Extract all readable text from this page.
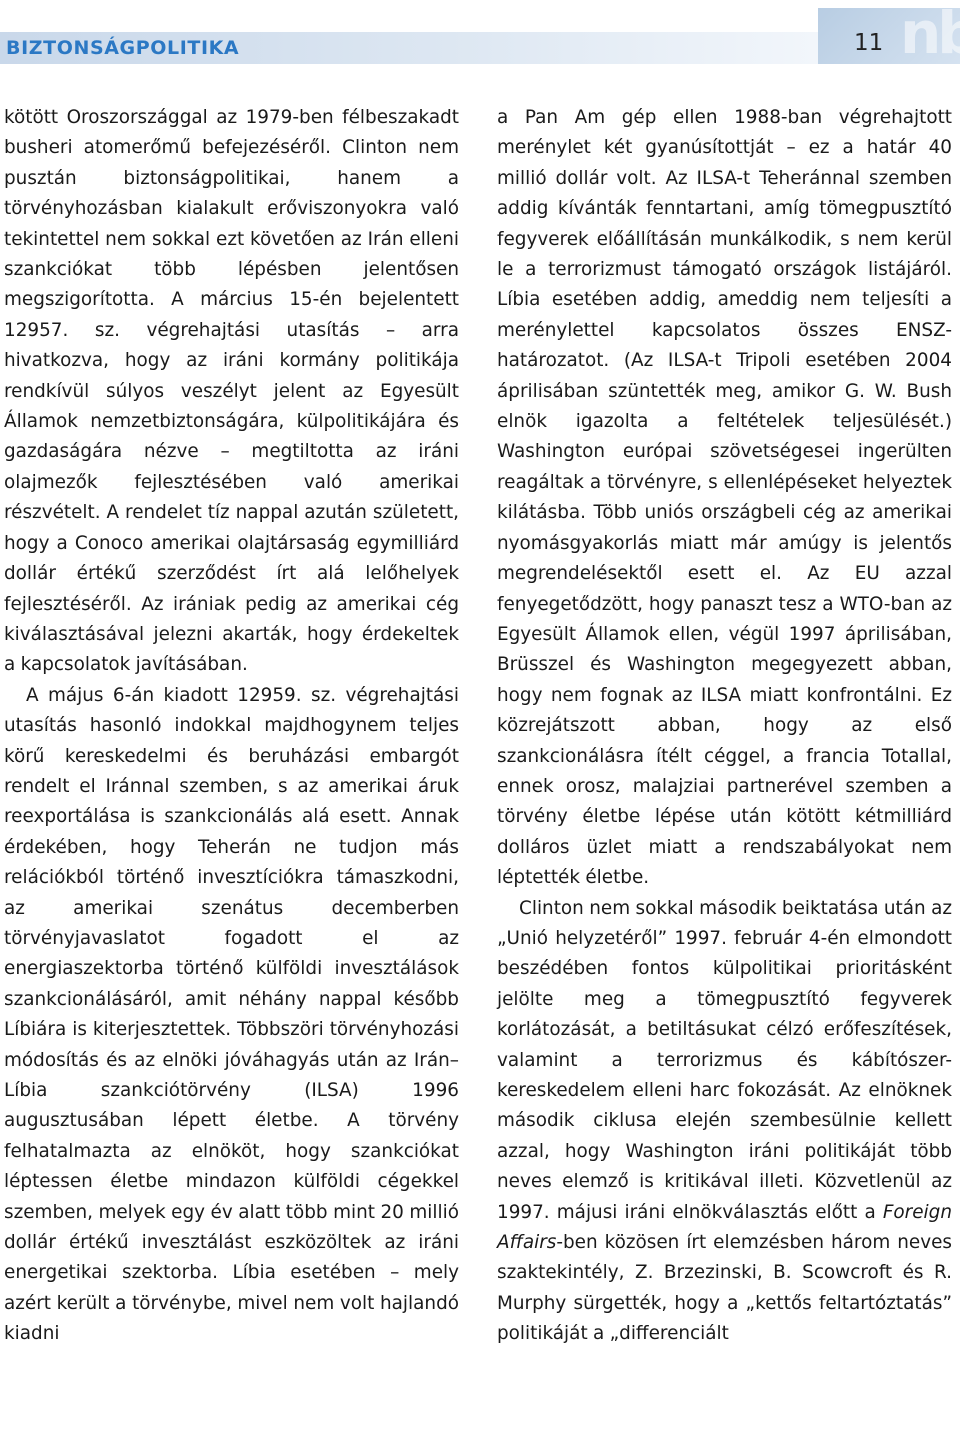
BIZTONSÁGPOLITIKA	nb
11

kötött Oroszországgal az 1979-ben félbeszakadt busheri atomerőmű befejezéséről. Clinton nem pusztán biztonságpolitikai, hanem a törvényhozásban kialakult erőviszonyokra való tekintettel nem sokkal ezt követően az Irán elleni szankciókat több lépésben jelentősen megszigorította. A március 15-én bejelentett 12957. sz. végrehajtási utasítás – arra hivatkozva, hogy az iráni kormány politikája rendkívül súlyos veszélyt jelent az Egyesült Államok nemzetbiztonságára, külpolitikájára és gazdaságára nézve – megtiltotta az iráni olajmezők fejlesztésében való amerikai részvételt. A rendelet tíz nappal azután született, hogy a Conoco amerikai olajtársaság egymilliárd dollár értékű szerződést írt alá lelőhelyek fejlesztéséről. Az irániak pedig az amerikai cég kiválasztásával jelezni akarták, hogy érdekeltek a kapcsolatok javításában.

A május 6-án kiadott 12959. sz. végrehajtási utasítás hasonló indokkal majdhogynem teljes körű kereskedelmi és beruházási embargót rendelt el Iránnal szemben, s az amerikai áruk reexportálása is szankcionálás alá esett. Annak érdekében, hogy Teherán ne tudjon más relációkból történő invesztíciókra támaszkodni, az amerikai szenátus decemberben törvényjavaslatot fogadott el az energiaszektorba történő külföldi invesztálások szankcionálásáról, amit néhány nappal később Líbiára is kiterjesztettek. Többszöri törvényhozási módosítás és az elnöki jóváhagyás után az Irán–Líbia szankciótörvény (ILSA) 1996 augusztusában lépett életbe. A törvény felhatalmazta az elnököt, hogy szankciókat léptessen életbe mindazon külföldi cégekkel szemben, melyek egy év alatt több mint 20 millió dollár értékű invesztálást eszközöltek az iráni energetikai szektorba. Líbia esetében – mely azért került a törvénybe, mivel nem volt hajlandó kiadni

a Pan Am gép ellen 1988-ban végrehajtott merénylet két gyanúsítottját – ez a határ 40 millió dollár volt. Az ILSA-t Teheránnal szemben addig kívánták fenntartani, amíg tömegpusztító fegyverek előállításán munkálkodik, s nem kerül le a terrorizmust támogató országok listájáról. Líbia esetében addig, ameddig nem teljesíti a merénylettel kapcsolatos összes ENSZ-határozatot. (Az ILSA-t Tripoli esetében 2004 áprilisában szüntették meg, amikor G. W. Bush elnök igazolta a feltételek teljesülését.) Washington európai szövetségesei ingerülten reagáltak a törvényre, s ellenlépéseket helyeztek kilátásba. Több uniós országbeli cég az amerikai nyomásgyakorlás miatt már amúgy is jelentős megrendelésektől esett el. Az EU azzal fenyegetődzött, hogy panaszt tesz a WTO-ban az Egyesült Államok ellen, végül 1997 áprilisában, Brüsszel és Washington megegyezett abban, hogy nem fognak az ILSA miatt konfrontálni. Ez közrejátszott abban, hogy az első szankcionálásra ítélt céggel, a francia Totallal, ennek orosz, malajziai partnerével szemben a törvény életbe lépése után kötött kétmilliárd dolláros üzlet miatt a rendszabályokat nem léptették életbe.

Clinton nem sokkal második beiktatása után az „Unió helyzetéről” 1997. február 4-én elmondott beszédében fontos külpolitikai prioritásként jelölte meg a tömegpusztító fegyverek korlátozását, a betiltásukat célzó erőfeszítések, valamint a terrorizmus és kábítószer-kereskedelem elleni harc fokozását. Az elnöknek második ciklusa elején szembesülnie kellett azzal, hogy Washington iráni politikáját több neves elemző is kritikával illeti. Közvetlenül az 1997. májusi iráni elnökválasztás előtt a Foreign Affairs-ben közösen írt elemzésben három neves szaktekintély, Z. Brzezinski, B. Scowcroft és R. Murphy sürgették, hogy a „kettős feltartóztatás” politikáját a „differenciált
